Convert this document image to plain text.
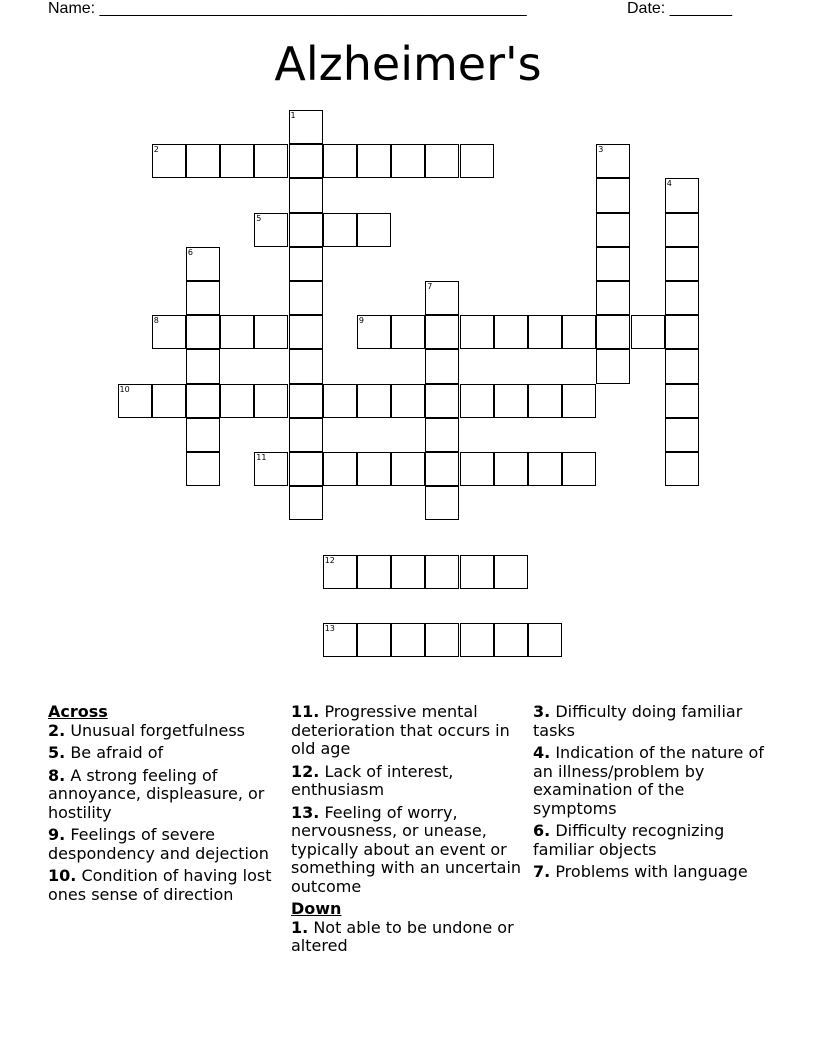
Name: ________________________________________________	Date: _______
Alzheimer's
1
2	3
4
5
6
7
8	9
10
11
12
13
Across
2. Unusual forgetfulness
5. Be afraid of
8. A strong feeling of annoyance, displeasure, or hostility
9. Feelings of severe despondency and dejection
10. Condition of having lost ones sense of direction
11. Progressive mental deterioration that occurs in old age
12. Lack of interest, enthusiasm
13. Feeling of worry, nervousness, or unease, typically about an event or something with an uncertain outcome
Down
1. Not able to be undone or altered
3. Difficulty doing familiar tasks
4. Indication of the nature of an illness/problem by examination of the symptoms
6. Difficulty recognizing familiar objects
7. Problems with language
